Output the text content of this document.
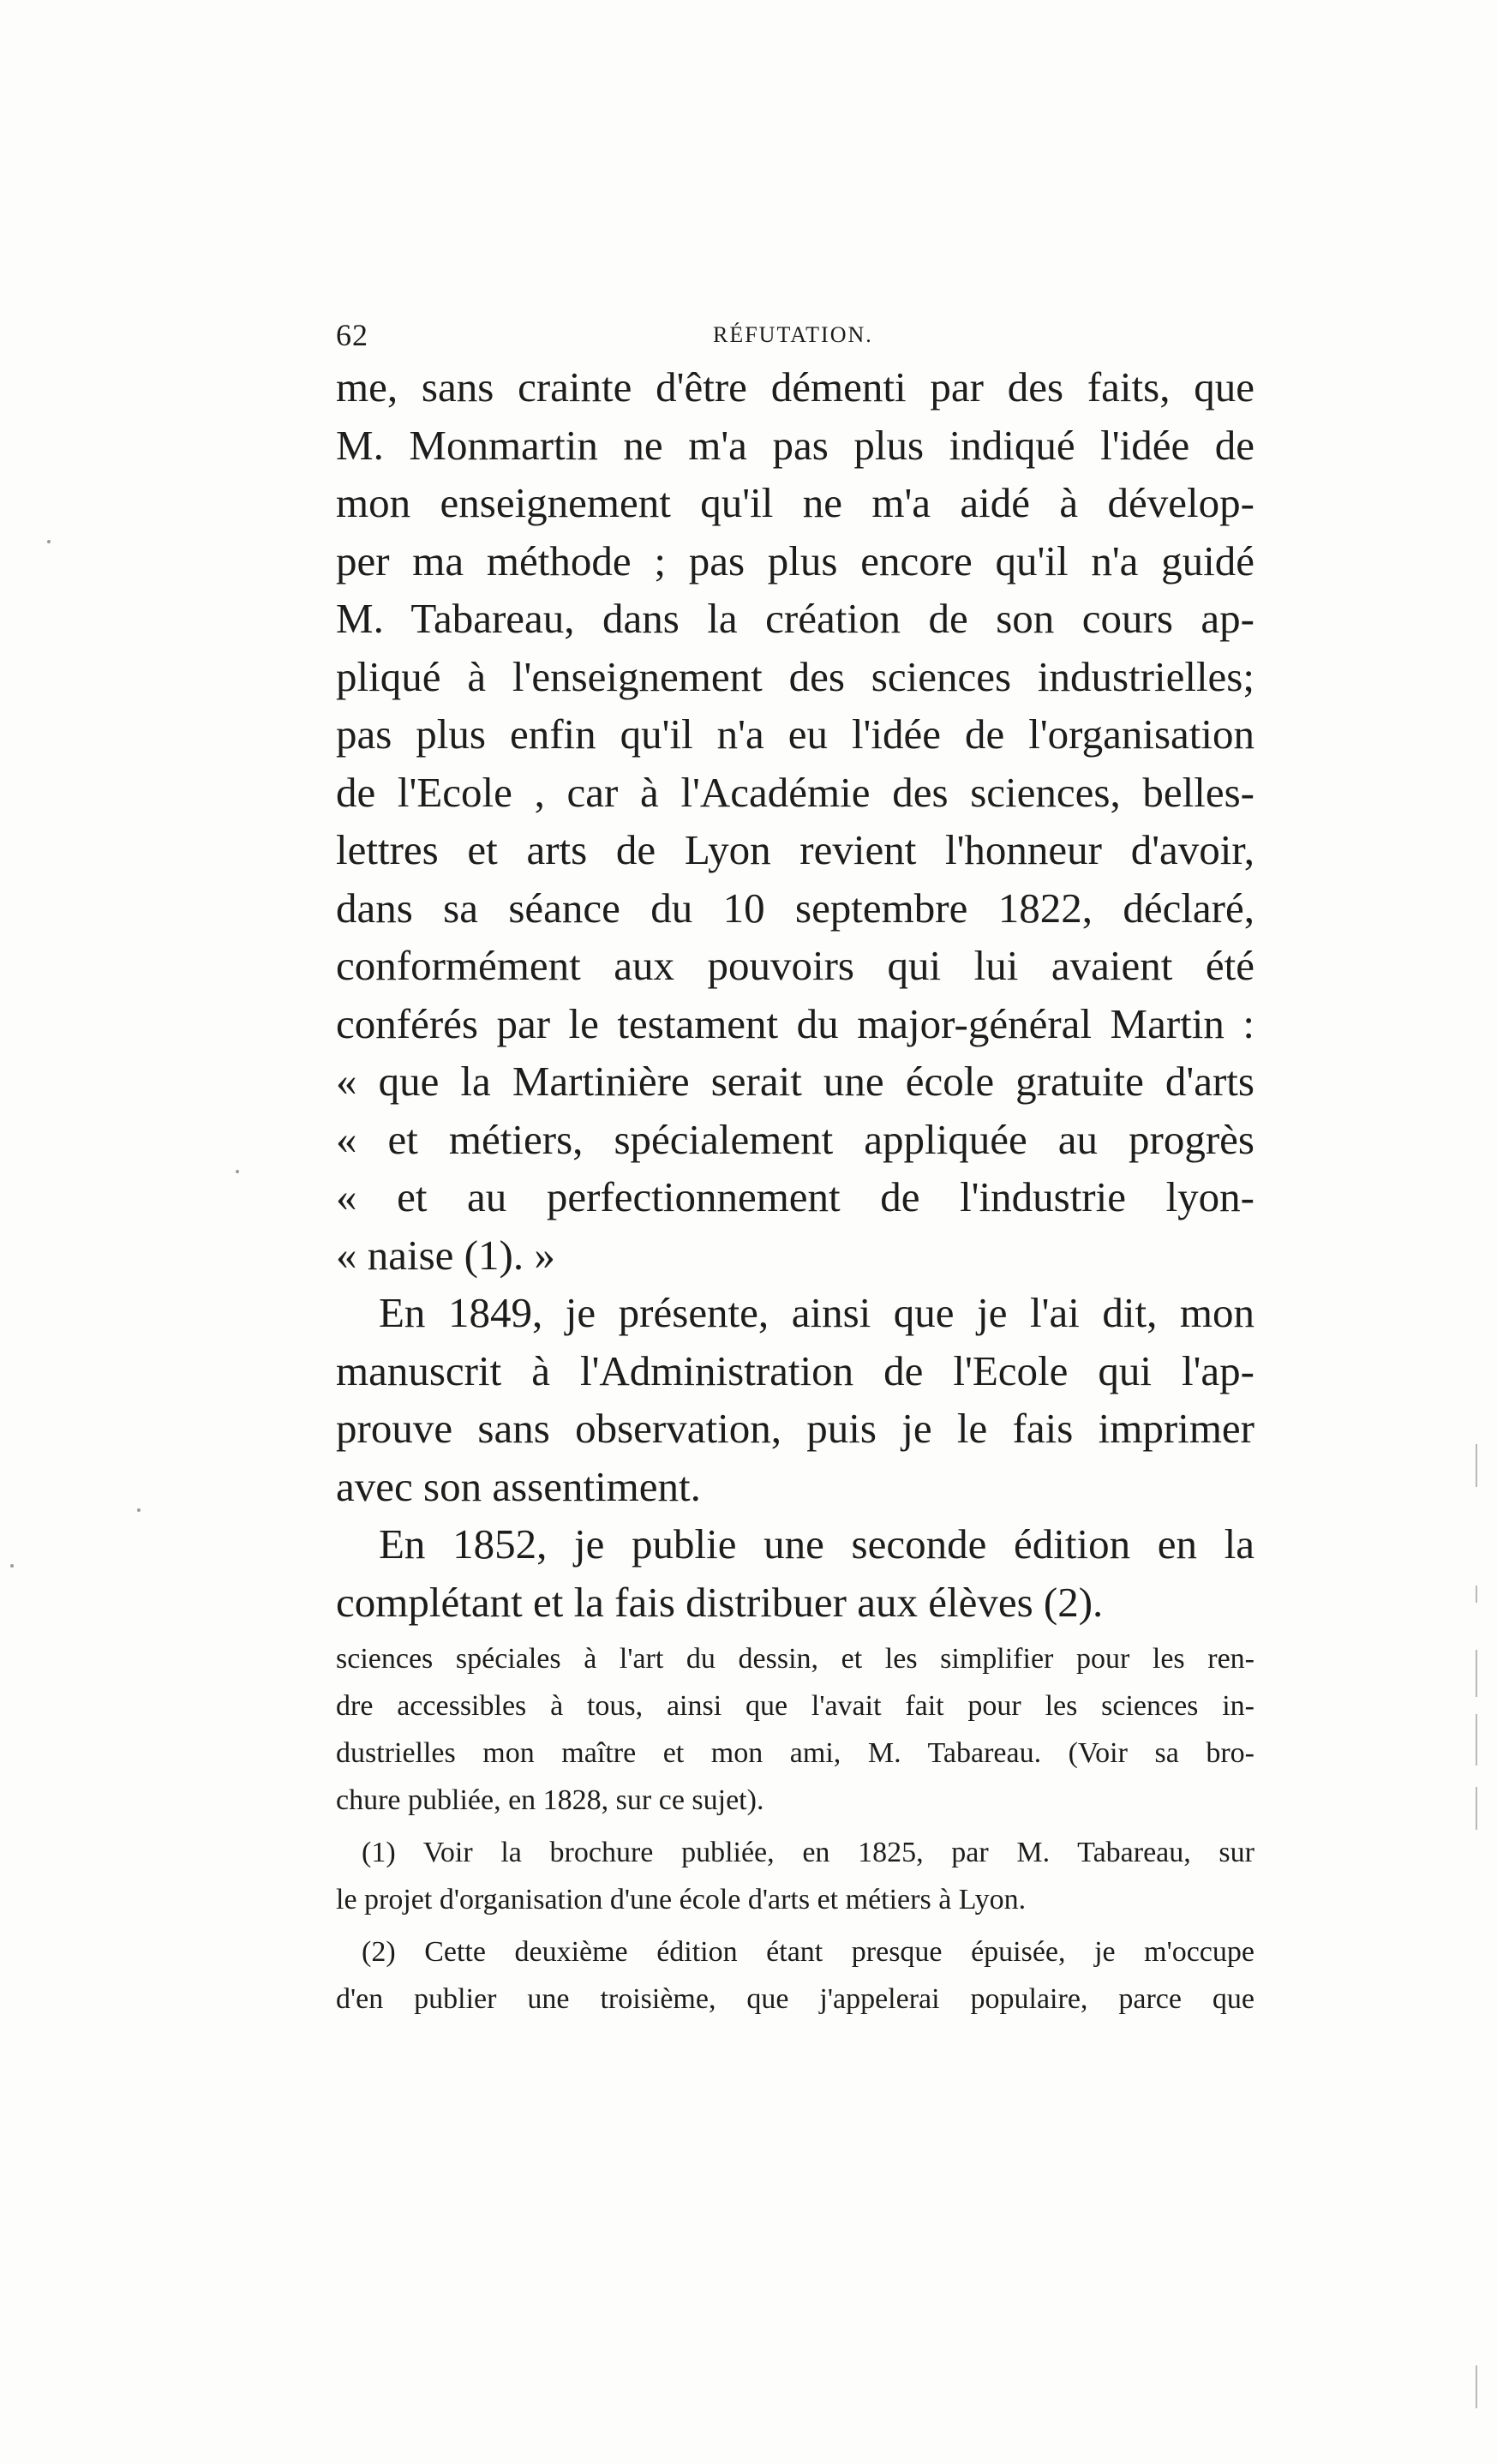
62	RÉFUTATION.
me, sans crainte d'être démenti par des faits, que
M. Monmartin ne m'a pas plus indiqué l'idée de
mon enseignement qu'il ne m'a aidé à dévelop-
per ma méthode ; pas plus encore qu'il n'a guidé
M. Tabareau, dans la création de son cours ap-
pliqué à l'enseignement des sciences industrielles;
pas plus enfin qu'il n'a eu l'idée de l'organisation
de l'Ecole , car à l'Académie des sciences, belles-
lettres et arts de Lyon revient l'honneur d'avoir,
dans sa séance du 10 septembre 1822, déclaré,
conformément aux pouvoirs qui lui avaient été
conférés par le testament du major-général Martin :
« que la Martinière serait une école gratuite d'arts
« et métiers, spécialement appliquée au progrès
« et au perfectionnement de l'industrie lyon-
« naise (1). »
En 1849, je présente, ainsi que je l'ai dit, mon
manuscrit à l'Administration de l'Ecole qui l'ap-
prouve sans observation, puis je le fais imprimer
avec son assentiment.
En 1852, je publie une seconde édition en la
complétant et la fais distribuer aux élèves (2).
sciences spéciales à l'art du dessin, et les simplifier pour les ren-
dre accessibles à tous, ainsi que l'avait fait pour les sciences in-
dustrielles mon maître et mon ami, M. Tabareau. (Voir sa bro-
chure publiée, en 1828, sur ce sujet).
(1) Voir la brochure publiée, en 1825, par M. Tabareau, sur
le projet d'organisation d'une école d'arts et métiers à Lyon.
(2) Cette deuxième édition étant presque épuisée, je m'occupe
d'en publier une troisième, que j'appelerai populaire, parce que
